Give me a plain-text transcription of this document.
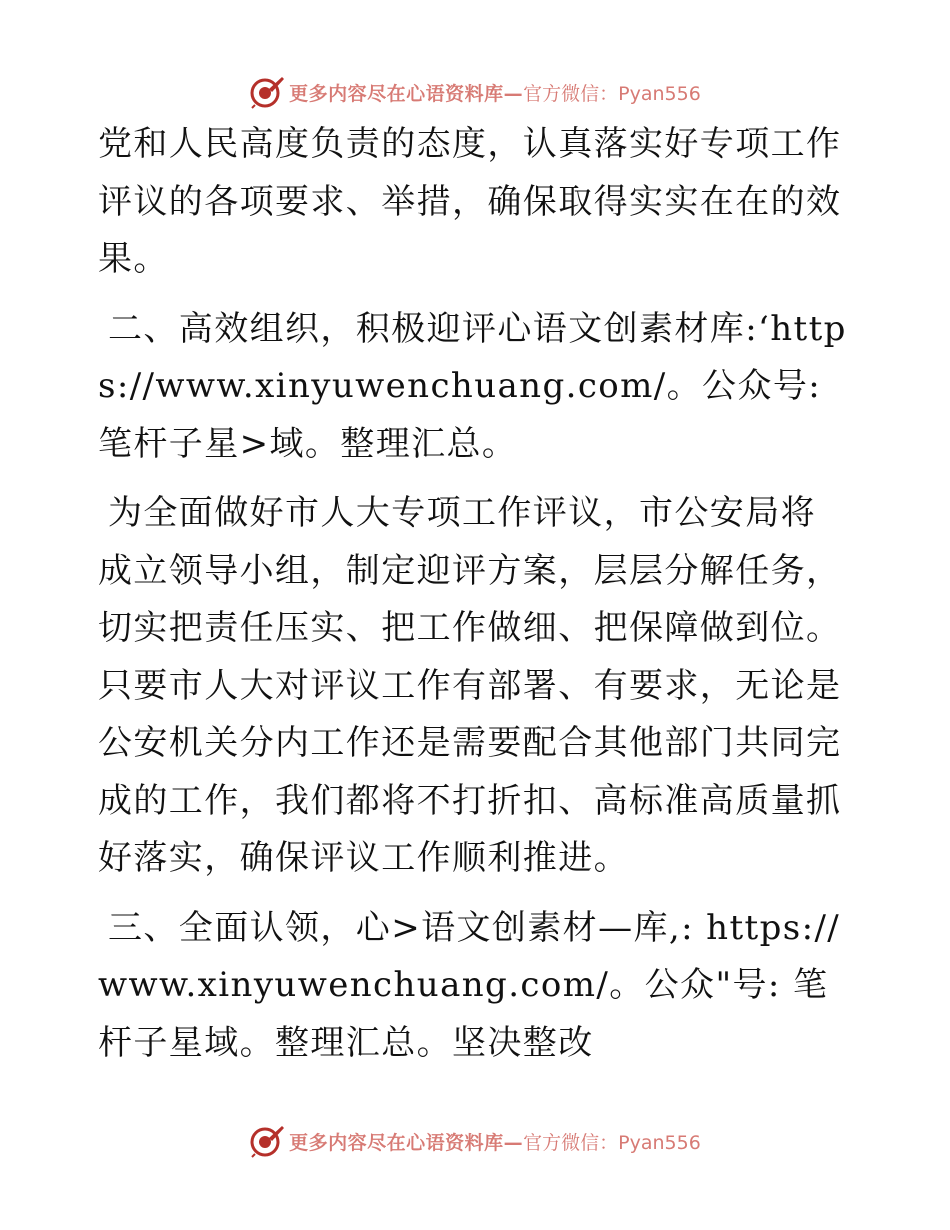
更多内容尽在心语资料库— 官方微信：Pyan556

党和人民高度负责的态度，认真落实好专项工作评议的各项要求、举措，确保取得实实在在的效果。

二、高效组织，积极迎评心语文创素材库:‘https://www.xinyuwenchuang.com/。公众号: 笔杆子星>域。整理汇总。

为全面做好市人大专项工作评议，市公安局将成立领导小组，制定迎评方案，层层分解任务，切实把责任压实、把工作做细、把保障做到位。只要市人大对评议工作有部署、有要求，无论是公安机关分内工作还是需要配合其他部门共同完成的工作，我们都将不打折扣、高标准高质量抓好落实，确保评议工作顺利推进。

三、全面认领，心>语文创素材—库,: https://www.xinyuwenchuang.com/。公众"号: 笔杆子星域。整理汇总。坚决整改

更多内容尽在心语资料库— 官方微信：Pyan556
